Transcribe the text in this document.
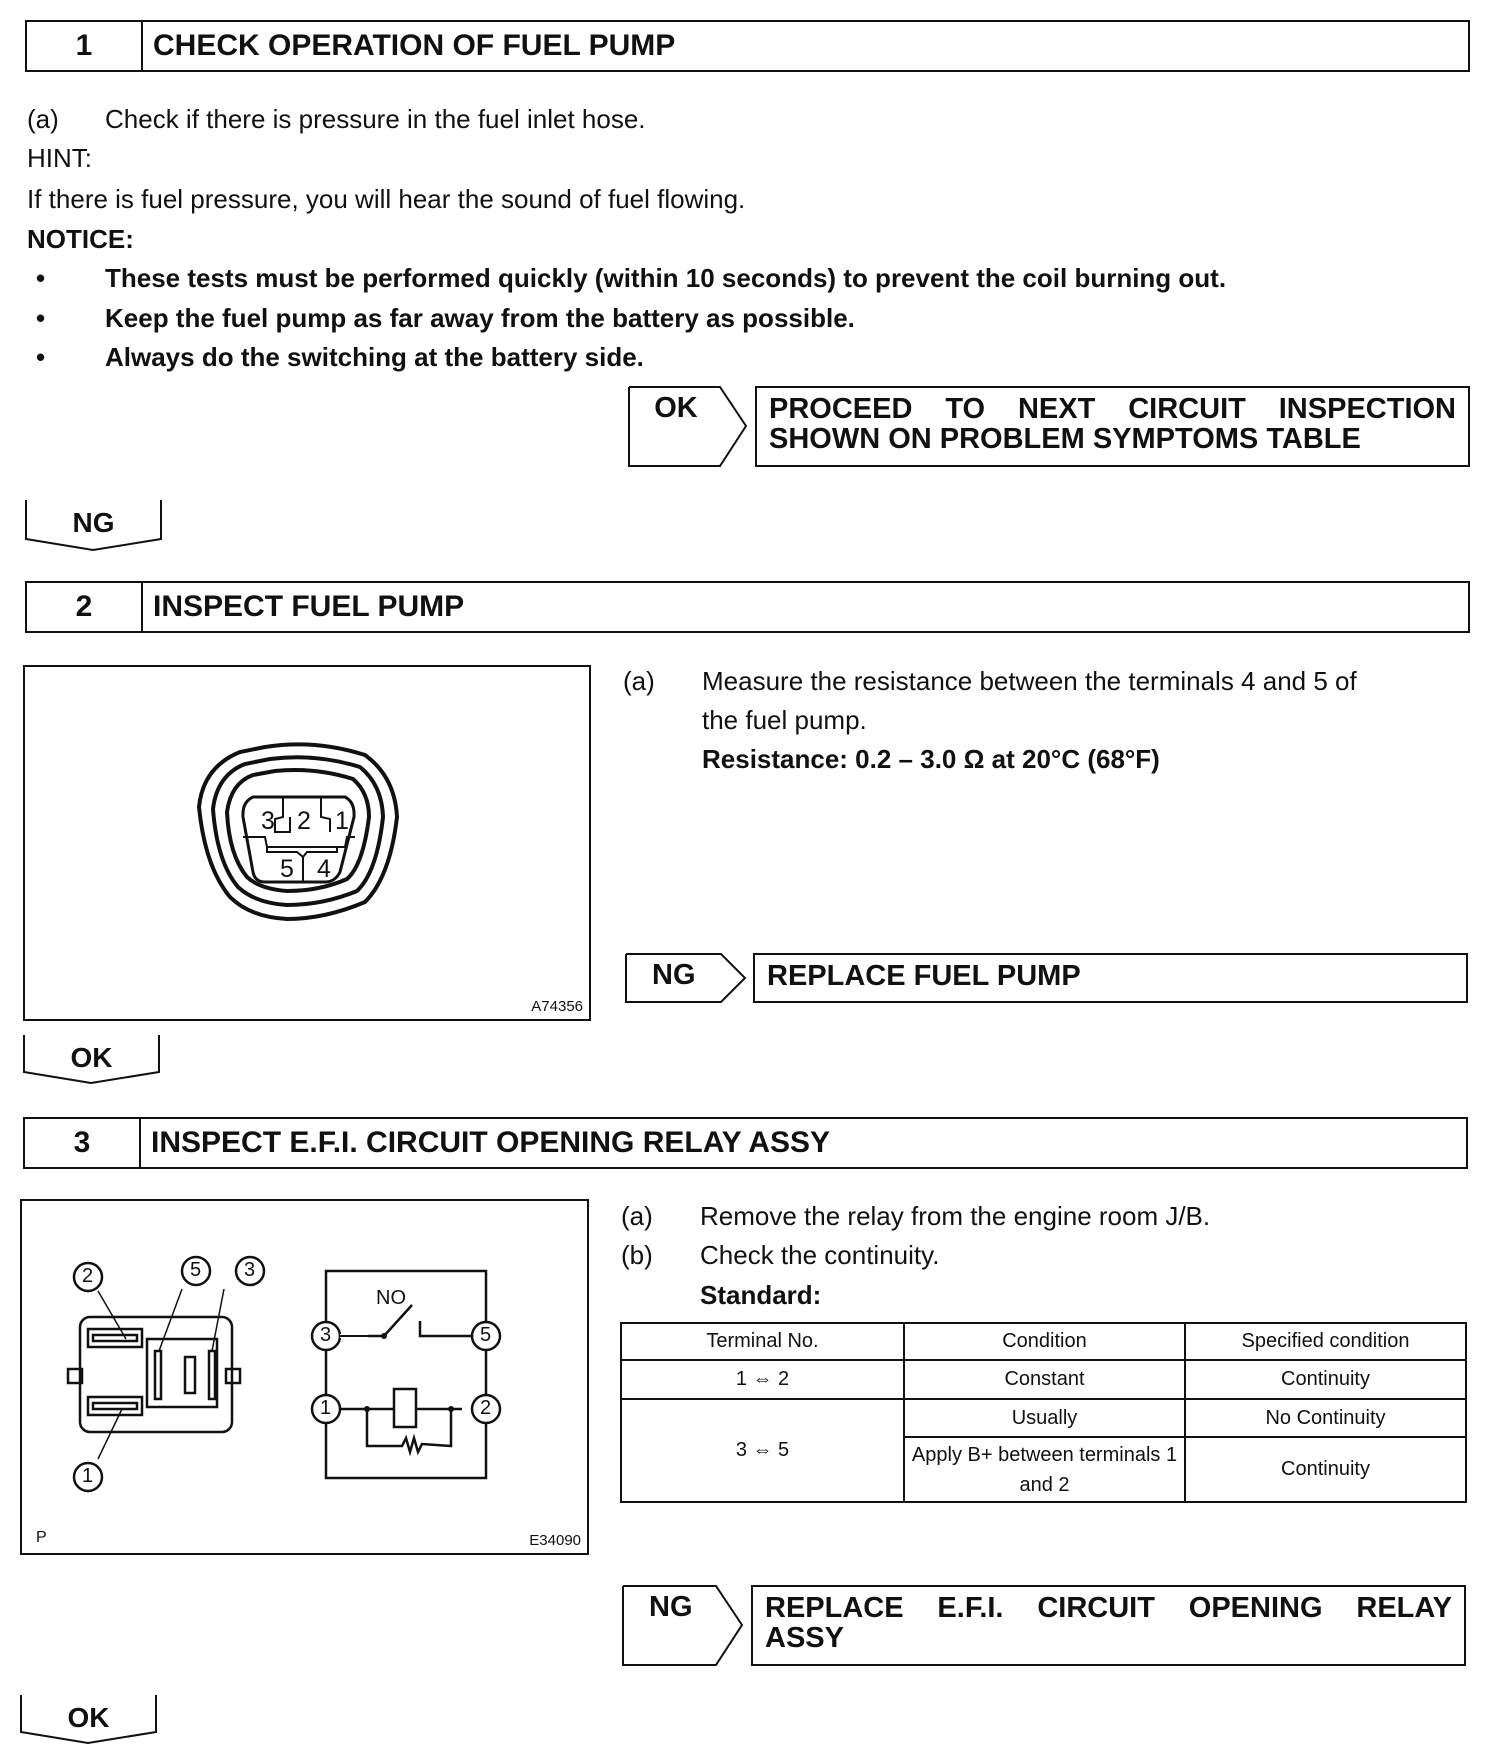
1	CHECK OPERATION OF FUEL PUMP
(a) Check if there is pressure in the fuel inlet hose.
HINT:
If there is fuel pressure, you will hear the sound of fuel flowing.
NOTICE:
• These tests must be performed quickly (within 10 seconds) to prevent the coil burning out.
• Keep the fuel pump as far away from the battery as possible.
• Always do the switching at the battery side.
OK	PROCEED TO NEXT CIRCUIT INSPECTION
SHOWN ON PROBLEM SYMPTOMS TABLE
NG
2	INSPECT FUEL PUMP
3 2 1
5 4
A74356
(a) Measure the resistance between the terminals 4 and 5 of
the fuel pump.
Resistance: 0.2 – 3.0 Ω at 20°C (68°F)
NG	REPLACE FUEL PUMP
OK
3	INSPECT E.F.I. CIRCUIT OPENING RELAY ASSY
2	5 3
1
3	5
1	2
NO
P	E34090
(a) Remove the relay from the engine room J/B.
(b) Check the continuity.
Standard:
Terminal No.	Condition	Specified condition
1 ⇔ 2	Constant	Continuity
3 ⇔ 5	Usually	No Continuity
	Apply B+ between terminals 1 and 2	Continuity
NG	REPLACE E.F.I. CIRCUIT OPENING RELAY
ASSY
OK
